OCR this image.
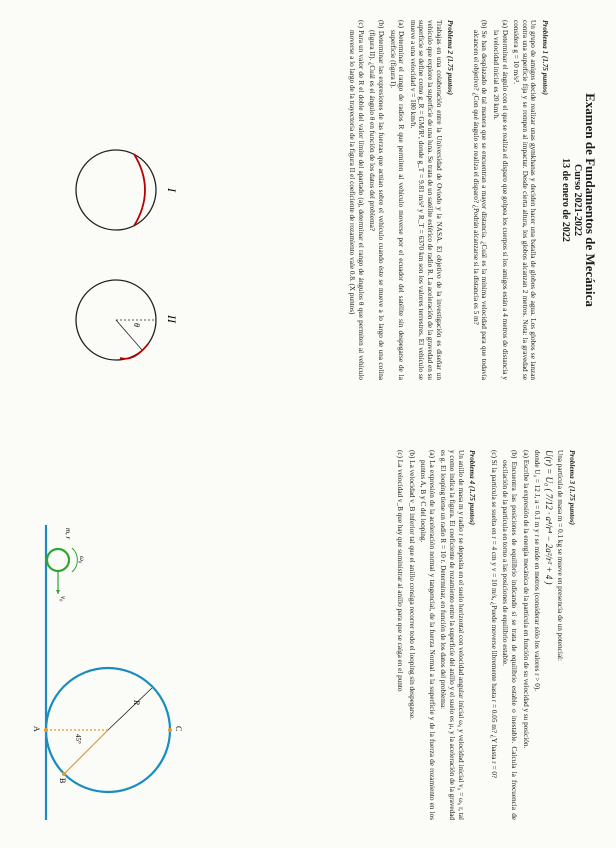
Examen de Fundamentos de Mecánica
Curso 2021-2022
13 de enero de 2022

Problema 1 (1.75 puntos)

Un grupo de amigos decide realizar unas gymkhanas y deciden hacer una batalla de globos de agua. Los globos se lanzan contra una superficie fija y se rompen al impactar. Desde cierta altura, los globos alcanzan 2 metros. Nota: la gravedad se considera g = 10 m/s².

(a) Determinar el ángulo con el que se realiza el disparo que golpea los cuerpos si los amigos están a 4 metros de distancia y la velocidad inicial es 20 km/h.

(b) Se han desplazado de tal manera que se encuentran a mayor distancia. ¿Cuál es la mínima velocidad para que todavía alcancen el objetivo? ¿Con qué ángulo se realiza el disparo? ¿Podrán alcanzarse si la distancia es 5 m?

Problema 2 (1.75 puntos)

Trabajas en una colaboración entre la Universidad de Oviedo y la NASA. El objetivo de la investigación es diseñar un vehículo que explore la superficie de una luna. Se trata de un satélite esférico de radio R. La aceleración de la gravedad en su superficie se define como g_R = GM/R², donde g_T = 9.81 m/s² y R_T = 6370 km son los valores terrestres. El vehículo se mueve a una velocidad v = 180 km/h.

(a) Determinar el rango de radios R que permiten al vehículo moverse por el ecuador del satélite sin despegarse de la superficie (figura I).

(b) Determinar las expresiones de las fuerzas que actúan sobre el vehículo cuando éste se mueve a lo largo de una colina (figura II). ¿Cuál es el ángulo θ en función de los datos del problema?

(c) Para un valor de R el doble del valor límite del apartado (a), determinar el rango de ángulos θ que permiten al vehículo moverse a lo largo de la trayectoria de la figura II el coeficiente de rozamiento vale 0.8. (X puntos)

I
θ
II

Problema 3 (1.75 puntos)

Una partícula de masa m = 0.1 kg se mueve en presencia de un potencial:

U(r) = U₀ ( 7/12 · a⁴/r⁴ − 2a²/r² + 4 )

donde U₀ = 12 J, a = 0.1 m y r se mide en metros (considerar sólo los valores r > 0).

(a) Escribe la expresión de la energía mecánica de la partícula en función de su velocidad y su posición.

(b) Encuentra las posiciones de equilibrio indicando si se trata de equilibrio estable o inestable. Calcula la frecuencia de oscilación de la partícula en torno a las posiciones de equilibrio estable.

(c) Si la partícula se suelta en r = 4 cm y v = 10 m/s, ¿Puede moverse libremente hasta r = 0.05 m? ¿Y hasta r = 0?

Problema 4 (1.75 puntos)

Un anillo de masa m y radio r se deposita en el suelo horizontal con velocidad angular inicial ω₀ y velocidad inicial v₀ = ω₀ r, tal y como indica la figura. El coeficiente de rozamiento entre la superficie del anillo y el suelo es μ, y la aceleración de la gravedad es g. El looping tiene un radio R = 10 r. Determinar, en función de los datos del problema:

(a) La expresión de la aceleración normal y tangencial, de la fuerza Normal a la superficie y de la fuerza de rozamiento en los puntos A, B y C del looping.

(b) La velocidad v_B inferior tal que el anillo consiga recorrer todo el looping sin despegarse.

(c) La velocidad v_B que hay que suministrar al anillo para que se caiga en el punto

R
45°
A
B
C
ω₀
v₀
m, r
